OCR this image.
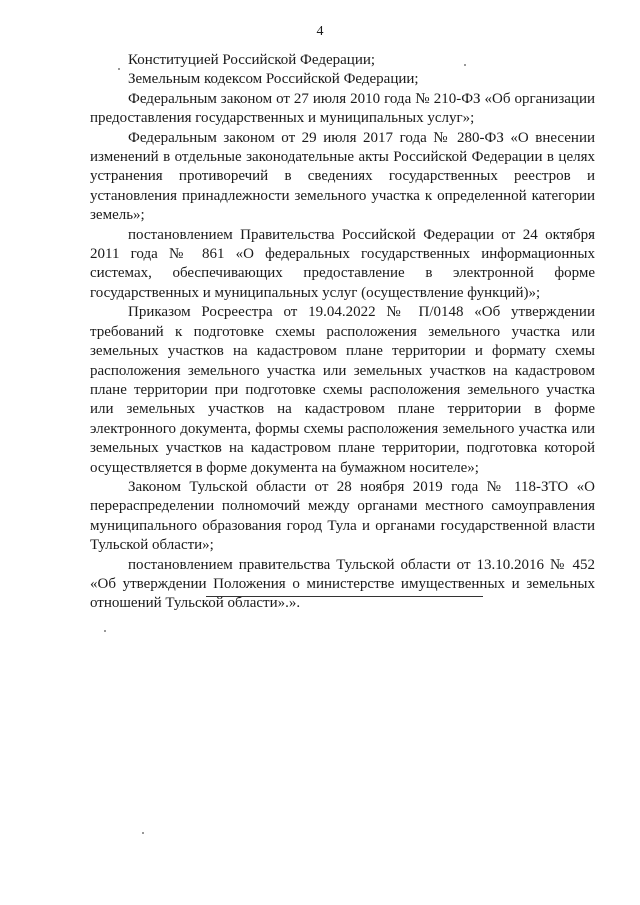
4

Конституцией Российской Федерации;

Земельным кодексом Российской Федерации;

Федеральным законом от 27 июля 2010 года № 210-ФЗ «Об организации предоставления государственных и муниципальных услуг»;

Федеральным законом от 29 июля 2017 года № 280-ФЗ «О внесении изменений в отдельные законодательные акты Российской Федерации в целях устранения противоречий в сведениях государственных реестров и установления принадлежности земельного участка к определенной категории земель»;

постановлением Правительства Российской Федерации от 24 октября 2011 года № 861 «О федеральных государственных информационных системах, обеспечивающих предоставление в электронной форме государственных и муниципальных услуг (осуществление функций)»;

Приказом Росреестра от 19.04.2022 № П/0148 «Об утверждении требований к подготовке схемы расположения земельного участка или земельных участков на кадастровом плане территории и формату схемы расположения земельного участка или земельных участков на кадастровом плане территории при подготовке схемы расположения земельного участка или земельных участков на кадастровом плане территории в форме электронного документа, формы схемы расположения земельного участка или земельных участков на кадастровом плане территории, подготовка которой осуществляется в форме документа на бумажном носителе»;

Законом Тульской области от 28 ноября 2019 года № 118-ЗТО «О перераспределении полномочий между органами местного самоуправления муниципального образования город Тула и органами государственной власти Тульской области»;

постановлением правительства Тульской области от 13.10.2016 № 452 «Об утверждении Положения о министерстве имущественных и земельных отношений Тульской области».».
